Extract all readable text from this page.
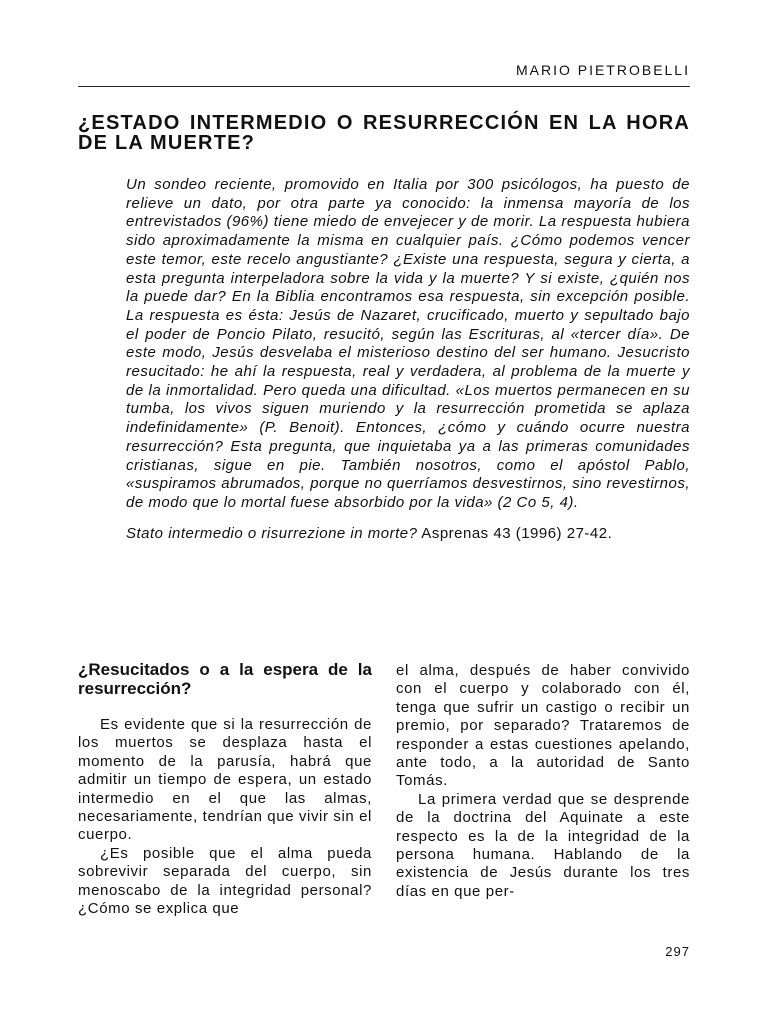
MARIO PIETROBELLI
¿ESTADO INTERMEDIO O RESURRECCIÓN EN LA HORA DE LA MUERTE?

Un sondeo reciente, promovido en Italia por 300 psicólogos, ha puesto de relieve un dato, por otra parte ya conocido: la inmensa mayoría de los entrevistados (96%) tiene miedo de envejecer y de morir. La respuesta hubiera sido aproximadamente la misma en cualquier país. ¿Cómo podemos vencer este temor, este recelo angustiante? ¿Existe una respuesta, segura y cierta, a esta pregunta interpeladora sobre la vida y la muerte? Y si existe, ¿quién nos la puede dar? En la Biblia encontramos esa respuesta, sin excepción posible. La respuesta es ésta: Jesús de Nazaret, crucificado, muerto y sepultado bajo el poder de Poncio Pilato, resucitó, según las Escrituras, al «tercer día». De este modo, Jesús desvelaba el misterioso destino del ser humano. Jesucristo resucitado: he ahí la respuesta, real y verdadera, al problema de la muerte y de la inmortalidad. Pero queda una dificultad. «Los muertos permanecen en su tumba, los vivos siguen muriendo y la resurrección prometida se aplaza indefinidamente» (P. Benoit). Entonces, ¿cómo y cuándo ocurre nuestra resurrección? Esta pregunta, que inquietaba ya a las primeras comunidades cristianas, sigue en pie. También nosotros, como el apóstol Pablo, «suspiramos abrumados, porque no querríamos desvestirnos, sino revestirnos, de modo que lo mortal fuese absorbido por la vida» (2 Co 5, 4).

Stato intermedio o risurrezione in morte? Asprenas 43 (1996) 27-42.

¿Resucitados o a la espera de la resurrección?

Es evidente que si la resurrección de los muertos se desplaza hasta el momento de la parusía, habrá que admitir un tiempo de espera, un estado intermedio en el que las almas, necesariamente, tendrían que vivir sin el cuerpo.

¿Es posible que el alma pueda sobrevivir separada del cuerpo, sin menoscabo de la integridad personal? ¿Cómo se explica que

el alma, después de haber convivido con el cuerpo y colaborado con él, tenga que sufrir un castigo o recibir un premio, por separado? Trataremos de responder a estas cuestiones apelando, ante todo, a la autoridad de Santo Tomás.

La primera verdad que se desprende de la doctrina del Aquinate a este respecto es la de la integridad de la persona humana. Hablando de la existencia de Jesús durante los tres días en que per-

297
